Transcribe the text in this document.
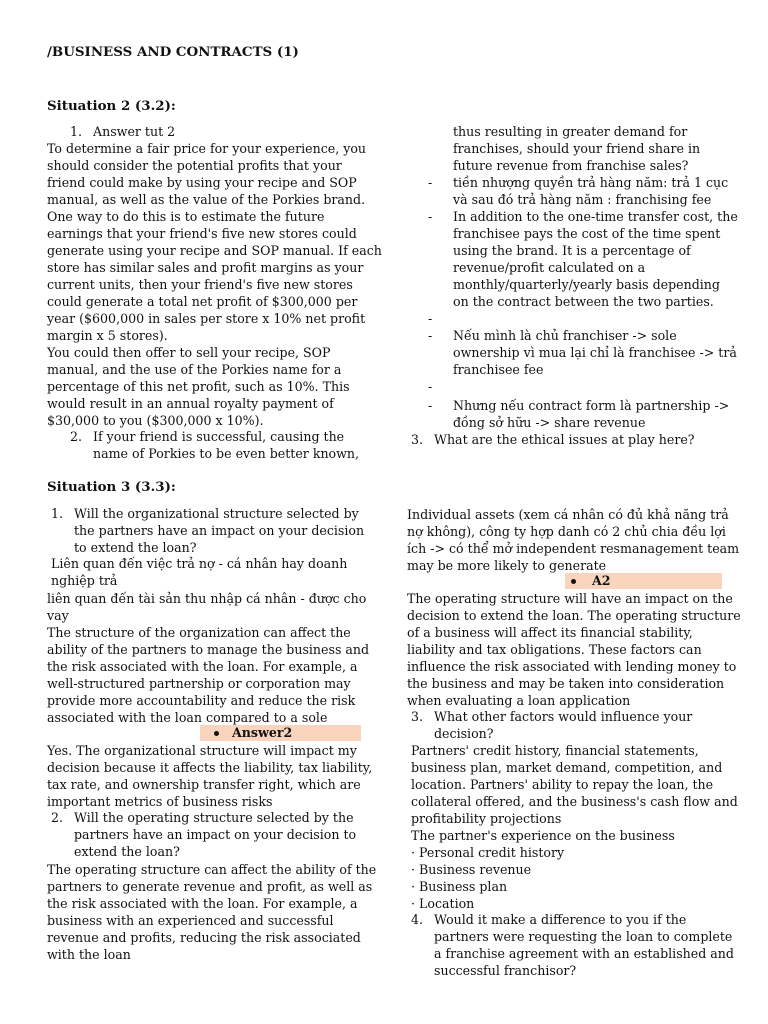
/BUSINESS AND CONTRACTS (1)
Situation 2 (3.2):
1. Answer tut 2
To determine a fair price for your experience, you
should consider the potential profits that your
friend could make by using your recipe and SOP
manual, as well as the value of the Porkies brand.
One way to do this is to estimate the future
earnings that your friend's five new stores could
generate using your recipe and SOP manual. If each
store has similar sales and profit margins as your
current units, then your friend's five new stores
could generate a total net profit of $300,000 per
year ($600,000 in sales per store x 10% net profit
margin x 5 stores).
You could then offer to sell your recipe, SOP
manual, and the use of the Porkies name for a
percentage of this net profit, such as 10%. This
would result in an annual royalty payment of
$30,000 to you ($300,000 x 10%).
2. If your friend is successful, causing the
name of Porkies to be even better known,
thus resulting in greater demand for
franchises, should your friend share in
future revenue from franchise sales?
- tiền nhượng quyền trả hàng năm: trả 1 cục
và sau đó trả hàng năm : franchising fee
- In addition to the one-time transfer cost, the
franchisee pays the cost of the time spent
using the brand. It is a percentage of
revenue/profit calculated on a
monthly/quarterly/yearly basis depending
on the contract between the two parties.
-
- Nếu mình là chủ franchiser -> sole
ownership vì mua lại chỉ là franchisee -> trả
franchisee fee
-
- Nhưng nếu contract form là partnership ->
đồng sở hữu -> share revenue
3. What are the ethical issues at play here?
Situation 3 (3.3):
1. Will the organizational structure selected by
the partners have an impact on your decision
to extend the loan?
Liên quan đến việc trả nợ - cá nhân hay doanh
nghiệp trả
liên quan đến tài sản thu nhập cá nhân - được cho
vay
The structure of the organization can affect the
ability of the partners to manage the business and
the risk associated with the loan. For example, a
well-structured partnership or corporation may
provide more accountability and reduce the risk
associated with the loan compared to a sole
Answer2
Yes. The organizational structure will impact my
decision because it affects the liability, tax liability,
tax rate, and ownership transfer right, which are
important metrics of business risks
2. Will the operating structure selected by the
partners have an impact on your decision to
extend the loan?
The operating structure can affect the ability of the
partners to generate revenue and profit, as well as
the risk associated with the loan. For example, a
business with an experienced and successful
revenue and profits, reducing the risk associated
with the loan
Individual assets (xem cá nhân có đủ khả năng trả
nợ không), công ty hợp danh có 2 chủ chia đều lợi
ích -> có thể mở independent resmanagement team
may be more likely to generate
A2
The operating structure will have an impact on the
decision to extend the loan. The operating structure
of a business will affect its financial stability,
liability and tax obligations. These factors can
influence the risk associated with lending money to
the business and may be taken into consideration
when evaluating a loan application
3. What other factors would influence your
decision?
Partners' credit history, financial statements,
business plan, market demand, competition, and
location. Partners' ability to repay the loan, the
collateral offered, and the business's cash flow and
profitability projections
The partner's experience on the business
· Personal credit history
· Business revenue
· Business plan
· Location
4. Would it make a difference to you if the
partners were requesting the loan to complete
a franchise agreement with an established and
successful franchisor?
